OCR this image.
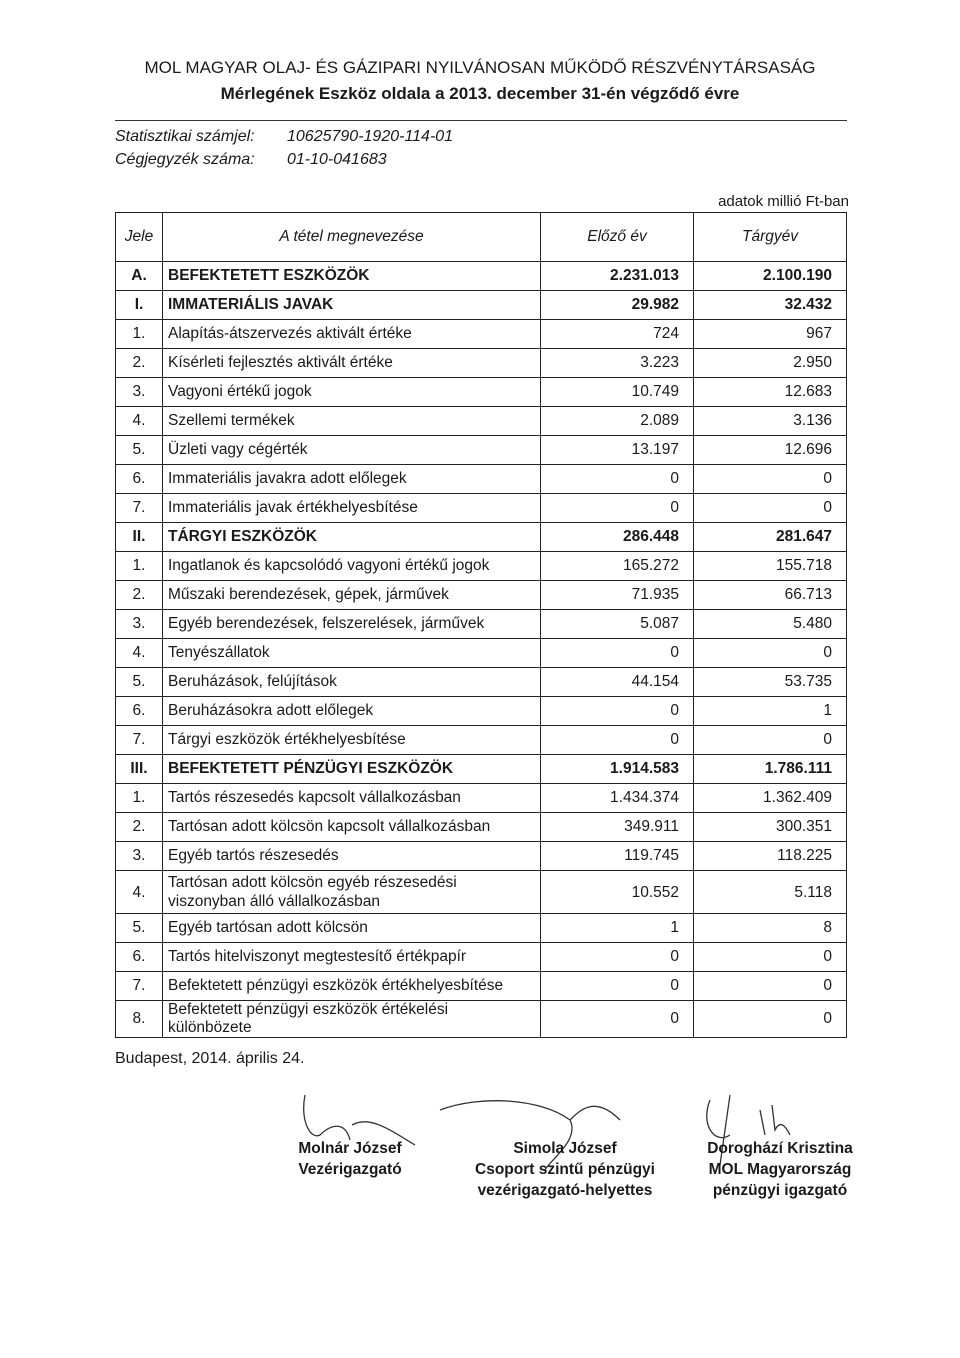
MOL MAGYAR OLAJ- ÉS GÁZIPARI NYILVÁNOSAN MŰKÖDŐ RÉSZVÉNYTÁRSASÁG
Mérlegének Eszköz oldala a 2013. december 31-én végződő évre
Statisztikai számjel: 10625790-1920-114-01
Cégjegyzék száma: 01-10-041683
adatok millió Ft-ban
Jele	A tétel megnevezése	Előző év	Tárgyév
A.	BEFEKTETETT ESZKÖZÖK	2.231.013	2.100.190
I.	IMMATERIÁLIS JAVAK	29.982	32.432
1.	Alapítás-átszervezés aktivált értéke	724	967
2.	Kísérleti fejlesztés aktivált értéke	3.223	2.950
3.	Vagyoni értékű jogok	10.749	12.683
4.	Szellemi termékek	2.089	3.136
5.	Üzleti vagy cégérték	13.197	12.696
6.	Immateriális javakra adott előlegek	0	0
7.	Immateriális javak értékhelyesbítése	0	0
II.	TÁRGYI ESZKÖZÖK	286.448	281.647
1.	Ingatlanok és kapcsolódó vagyoni értékű jogok	165.272	155.718
2.	Műszaki berendezések, gépek, járművek	71.935	66.713
3.	Egyéb berendezések, felszerelések, járművek	5.087	5.480
4.	Tenyészállatok	0	0
5.	Beruházások, felújítások	44.154	53.735
6.	Beruházásokra adott előlegek	0	1
7.	Tárgyi eszközök értékhelyesbítése	0	0
III.	BEFEKTETETT PÉNZÜGYI ESZKÖZÖK	1.914.583	1.786.111
1.	Tartós részesedés kapcsolt vállalkozásban	1.434.374	1.362.409
2.	Tartósan adott kölcsön kapcsolt vállalkozásban	349.911	300.351
3.	Egyéb tartós részesedés	119.745	118.225
4.	Tartósan adott kölcsön egyéb részesedési viszonyban álló vállalkozásban	10.552	5.118
5.	Egyéb tartósan adott kölcsön	1	8
6.	Tartós hitelviszonyt megtestesítő értékpapír	0	0
7.	Befektetett pénzügyi eszközök értékhelyesbítése	0	0
8.	Befektetett pénzügyi eszközök értékelési különbözete	0	0
Budapest, 2014. április 24.
Molnár József
Vezérigazgató
Simola József
Csoport szintű pénzügyi vezérigazgató-helyettes
Doroghází Krisztina
MOL Magyarország pénzügyi igazgató
